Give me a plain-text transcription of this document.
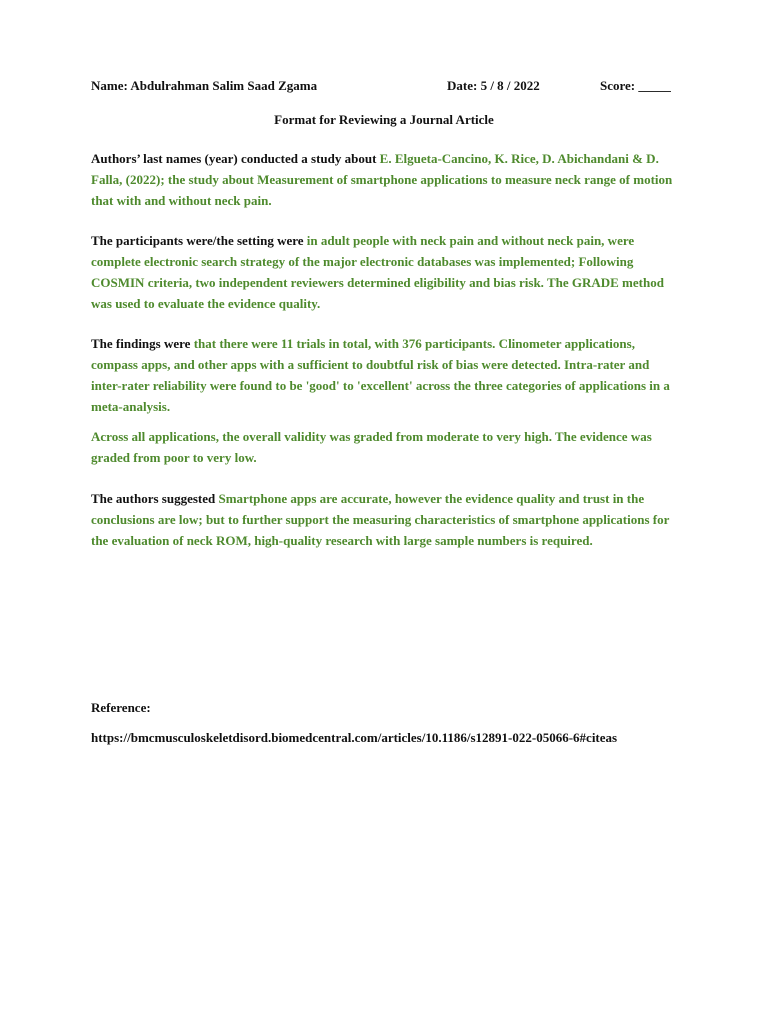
Name: Abdulrahman Salim Saad Zgama	Date: 5 / 8 / 2022	Score: _____
Format for Reviewing a Journal Article

Authors’ last names (year) conducted a study about E. Elgueta-Cancino, K. Rice, D. Abichandani & D. Falla, (2022); the study about Measurement of smartphone applications to measure neck range of motion that with and without neck pain.

The participants were/the setting were in adult people with neck pain and without neck pain, were complete electronic search strategy of the major electronic databases was implemented; Following COSMIN criteria, two independent reviewers determined eligibility and bias risk. The GRADE method was used to evaluate the evidence quality.

The findings were that there were 11 trials in total, with 376 participants. Clinometer applications, compass apps, and other apps with a sufficient to doubtful risk of bias were detected. Intra-rater and inter-rater reliability were found to be 'good' to 'excellent' across the three categories of applications in a meta-analysis.

Across all applications, the overall validity was graded from moderate to very high. The evidence was graded from poor to very low.

The authors suggested Smartphone apps are accurate, however the evidence quality and trust in the conclusions are low; but to further support the measuring characteristics of smartphone applications for the evaluation of neck ROM, high-quality research with large sample numbers is required.

Reference:
https://bmcmusculoskeletdisord.biomedcentral.com/articles/10.1186/s12891-022-05066-6#citeas
